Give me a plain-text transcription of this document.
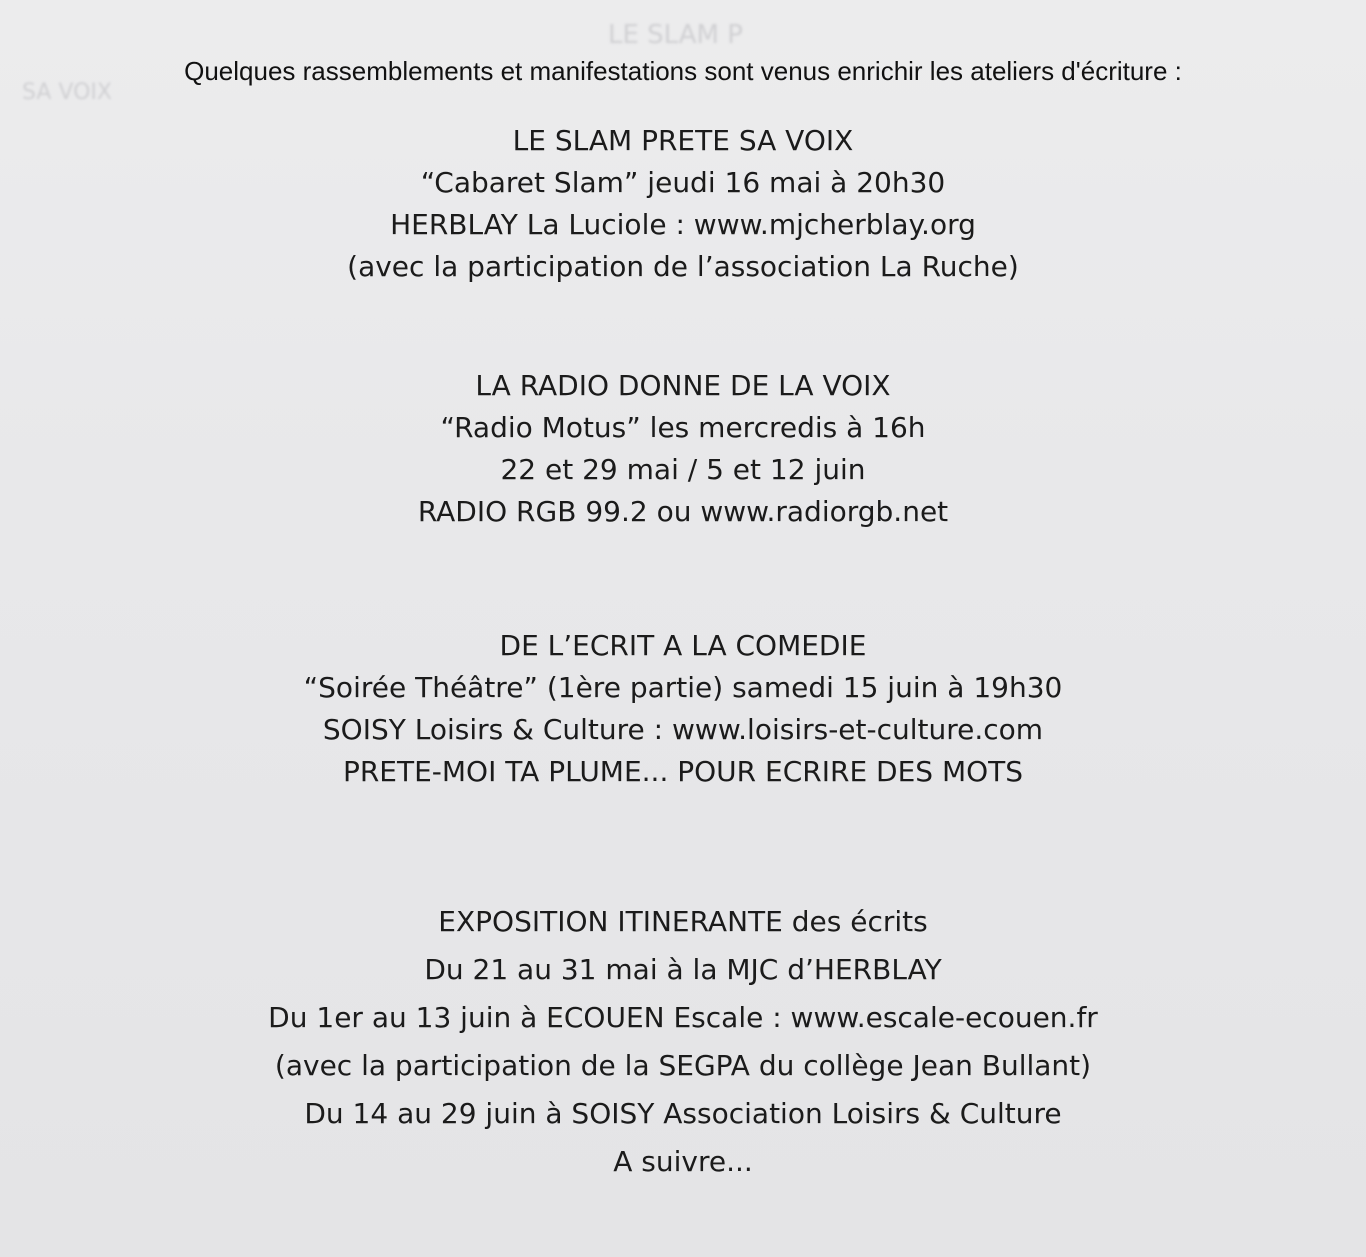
LE SLAM P
SA VOIX
Quelques rassemblements et manifestations sont venus enrichir les ateliers d'écriture :
LE SLAM PRETE SA VOIX
“Cabaret Slam” jeudi 16 mai à 20h30
HERBLAY La Luciole : www.mjcherblay.org
(avec la participation de l’association La Ruche)
LA RADIO DONNE DE LA VOIX
“Radio Motus” les mercredis à 16h
22 et 29 mai / 5 et 12 juin
RADIO RGB 99.2 ou www.radiorgb.net
DE L’ECRIT A LA COMEDIE
“Soirée Théâtre” (1ère partie) samedi 15 juin à 19h30
SOISY Loisirs & Culture : www.loisirs-et-culture.com
PRETE-MOI TA PLUME... POUR ECRIRE DES MOTS
EXPOSITION ITINERANTE des écrits
Du 21 au 31 mai à la MJC d’HERBLAY
Du 1er au 13 juin à ECOUEN Escale : www.escale-ecouen.fr
(avec la participation de la SEGPA du collège Jean Bullant)
Du 14 au 29 juin à SOISY Association Loisirs & Culture
A suivre...
